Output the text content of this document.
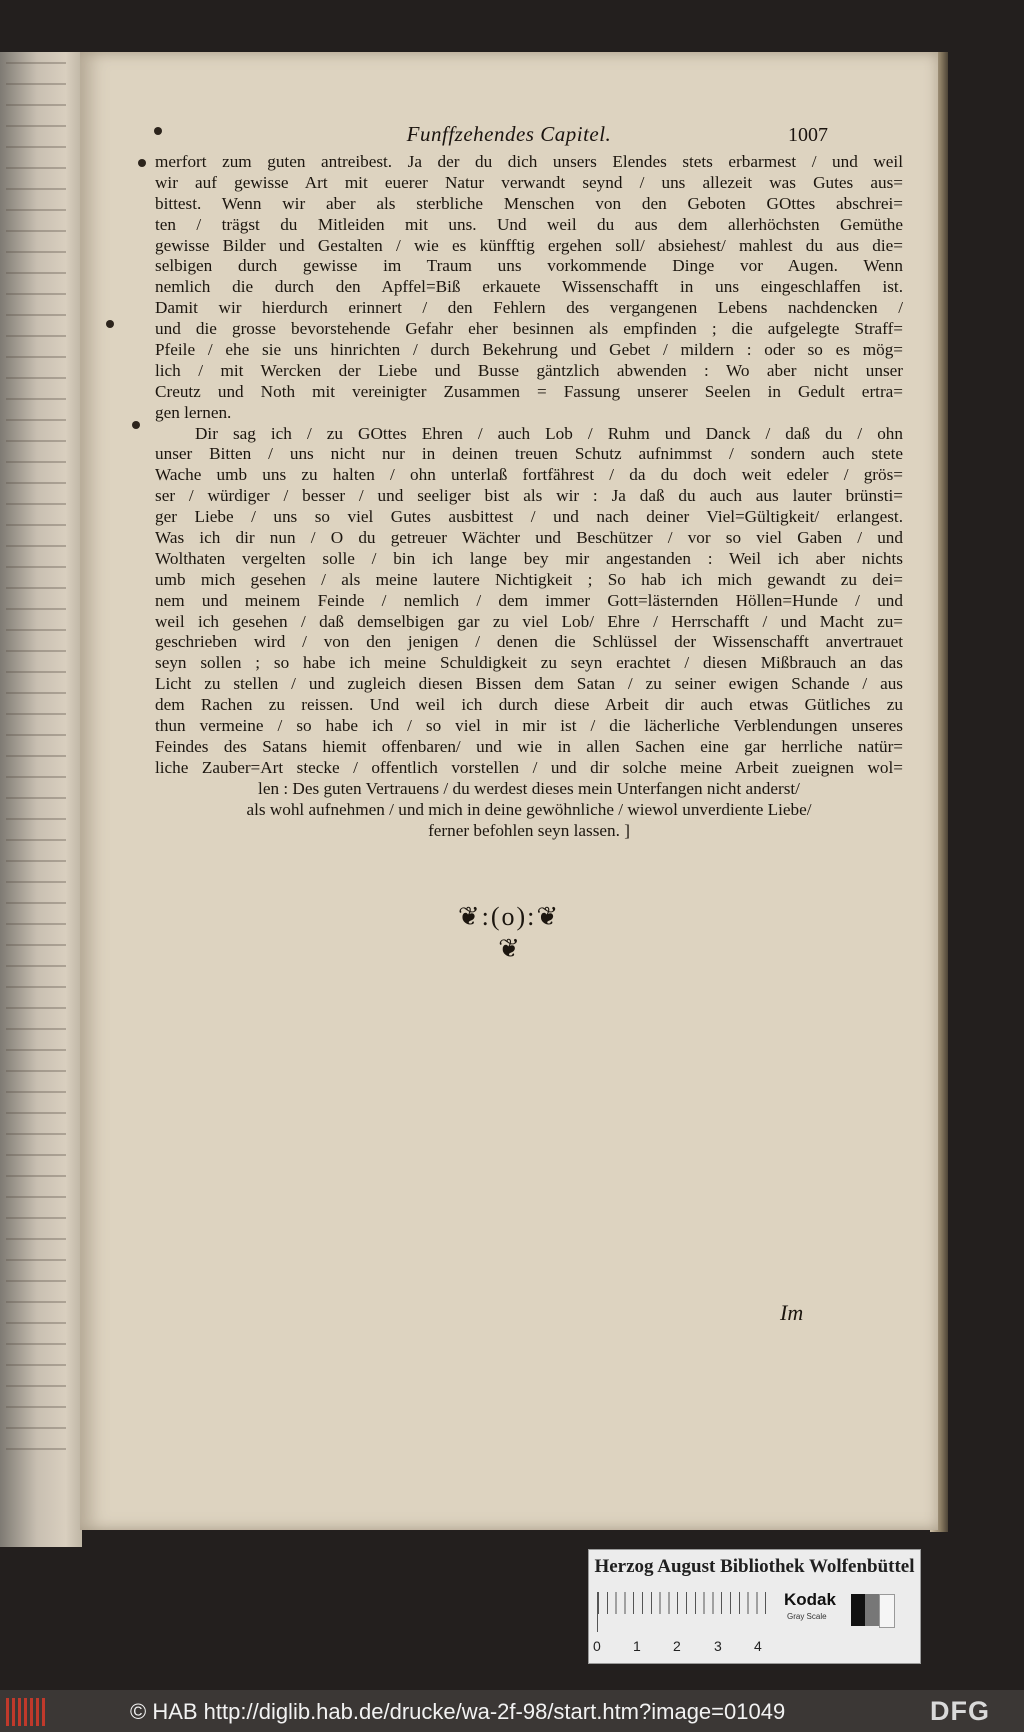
Funffzehendes Capitel.	1007
merfort zum guten antreibest. Ja der du dich unsers Elendes stets erbarmest / und weil
wir auf gewisse Art mit euerer Natur verwandt seynd / uns allezeit was Gutes aus=
bittest. Wenn wir aber als sterbliche Menschen von den Geboten GOttes abschrei=
ten / trägst du Mitleiden mit uns. Und weil du aus dem allerhöchsten Gemüthe
gewisse Bilder und Gestalten / wie es künfftig ergehen soll/ absiehest/ mahlest du aus die=
selbigen durch gewisse im Traum uns vorkommende Dinge vor Augen. Wenn
nemlich die durch den Apffel=Biß erkauete Wissenschafft in uns eingeschlaffen ist.
Damit wir hierdurch erinnert / den Fehlern des vergangenen Lebens nachdencken /
und die grosse bevorstehende Gefahr eher besinnen als empfinden ; die aufgelegte Straff=
Pfeile / ehe sie uns hinrichten / durch Bekehrung und Gebet / mildern : oder so es mög=
lich / mit Wercken der Liebe und Busse gäntzlich abwenden : Wo aber nicht unser
Creutz und Noth mit vereinigter Zusammen = Fassung unserer Seelen in Gedult ertra=
gen lernen.
Dir sag ich / zu GOttes Ehren / auch Lob / Ruhm und Danck / daß du / ohn
unser Bitten / uns nicht nur in deinen treuen Schutz aufnimmst / sondern auch stete
Wache umb uns zu halten / ohn unterlaß fortfährest / da du doch weit edeler / grös=
ser / würdiger / besser / und seeliger bist als wir : Ja daß du auch aus lauter brünsti=
ger Liebe / uns so viel Gutes ausbittest / und nach deiner Viel=Gültigkeit/ erlangest.
Was ich dir nun / O du getreuer Wächter und Beschützer / vor so viel Gaben / und
Wolthaten vergelten solle / bin ich lange bey mir angestanden : Weil ich aber nichts
umb mich gesehen / als meine lautere Nichtigkeit ; So hab ich mich gewandt zu dei=
nem und meinem Feinde / nemlich / dem immer Gott=lästernden Höllen=Hunde / und
weil ich gesehen / daß demselbigen gar zu viel Lob/ Ehre / Herrschafft / und Macht zu=
geschrieben wird / von den jenigen / denen die Schlüssel der Wissenschafft anvertrauet
seyn sollen ; so habe ich meine Schuldigkeit zu seyn erachtet / diesen Mißbrauch an das
Licht zu stellen / und zugleich diesen Bissen dem Satan / zu seiner ewigen Schande / aus
dem Rachen zu reissen. Und weil ich durch diese Arbeit dir auch etwas Gütliches zu
thun vermeine / so habe ich / so viel in mir ist / die lächerliche Verblendungen unseres
Feindes des Satans hiemit offenbaren/ und wie in allen Sachen eine gar herrliche natür=
liche Zauber=Art stecke / offentlich vorstellen / und dir solche meine Arbeit zueignen wol=
len : Des guten Vertrauens / du werdest dieses mein Unterfangen nicht anderst/
als wohl aufnehmen / und mich in deine gewöhnliche / wiewol unverdiente Liebe/
ferner befohlen seyn lassen. ]
❦:(o):❦
❦
Im
Herzog August Bibliothek Wolfenbüttel
0 1 2 3 4
Kodak
Gray Scale
© HAB http://diglib.hab.de/drucke/wa-2f-98/start.htm?image=01049	DFG
